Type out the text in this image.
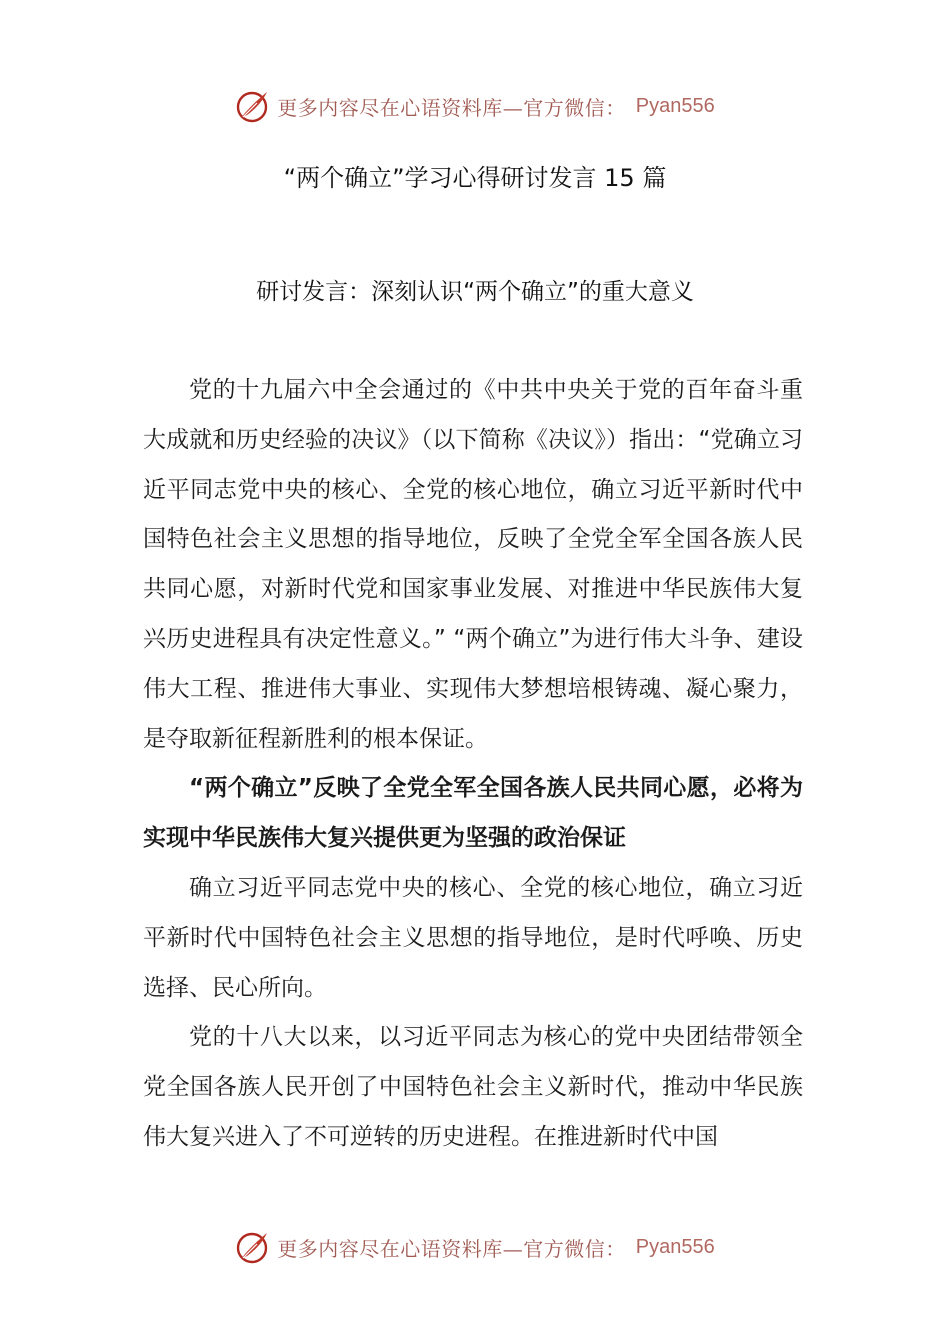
更多内容尽在心语资料库—官方微信： Pyan556
“两个确立”学习心得研讨发言 15 篇
研讨发言：深刻认识“两个确立”的重大意义

党的十九届六中全会通过的《中共中央关于党的百年奋斗重大成就和历史经验的决议》（以下简称《决议》）指出：“党确立习近平同志党中央的核心、全党的核心地位，确立习近平新时代中国特色社会主义思想的指导地位，反映了全党全军全国各族人民共同心愿，对新时代党和国家事业发展、对推进中华民族伟大复兴历史进程具有决定性意义。” “两个确立”为进行伟大斗争、建设伟大工程、推进伟大事业、实现伟大梦想培根铸魂、凝心聚力，是夺取新征程新胜利的根本保证。

“两个确立”反映了全党全军全国各族人民共同心愿，必将为实现中华民族伟大复兴提供更为坚强的政治保证

确立习近平同志党中央的核心、全党的核心地位，确立习近平新时代中国特色社会主义思想的指导地位，是时代呼唤、历史选择、民心所向。

党的十八大以来，以习近平同志为核心的党中央团结带领全党全国各族人民开创了中国特色社会主义新时代，推动中华民族伟大复兴进入了不可逆转的历史进程。在推进新时代中国

更多内容尽在心语资料库—官方微信： Pyan556
